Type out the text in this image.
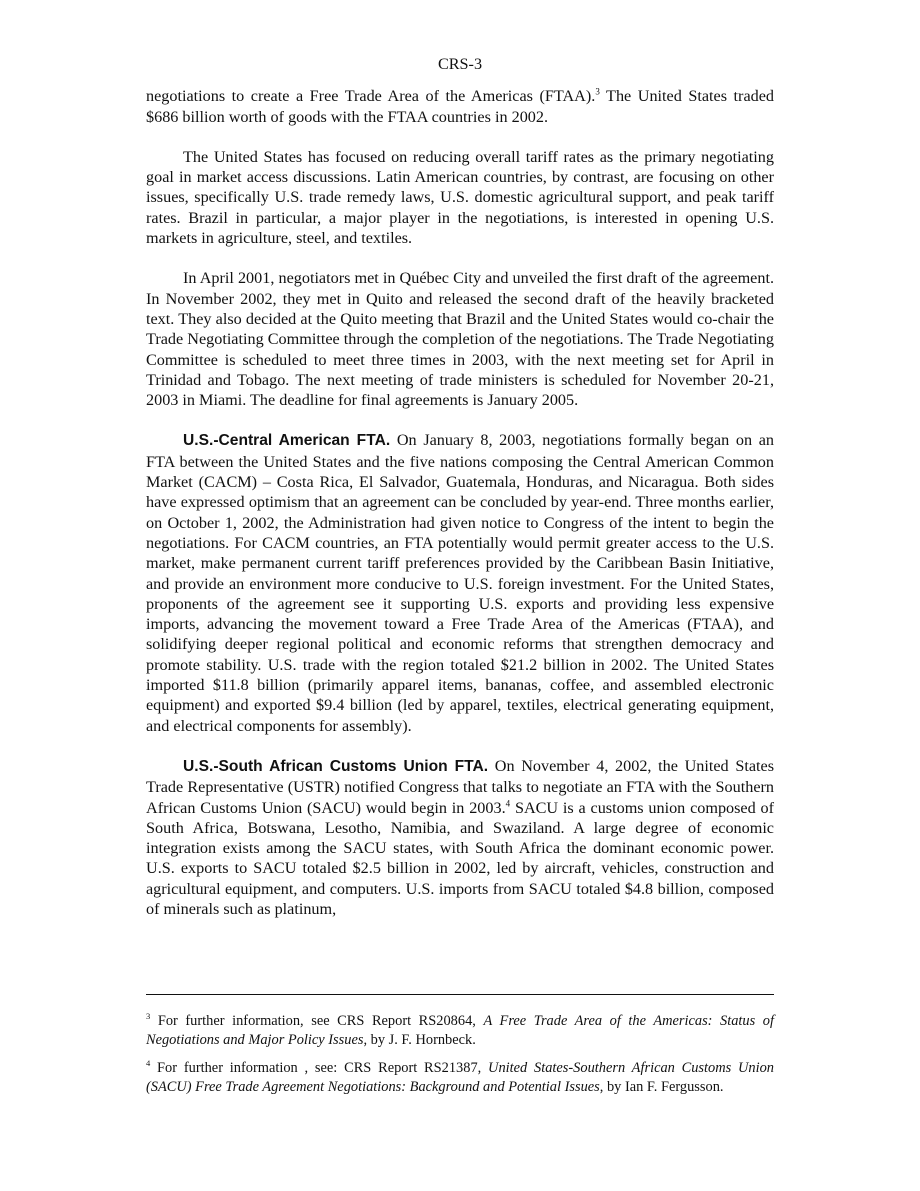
CRS-3

negotiations to create a Free Trade Area of the Americas (FTAA).$^3$ The United States traded $686 billion worth of goods with the FTAA countries in 2002.

The United States has focused on reducing overall tariff rates as the primary negotiating goal in market access discussions. Latin American countries, by contrast, are focusing on other issues, specifically U.S. trade remedy laws, U.S. domestic agricultural support, and peak tariff rates. Brazil in particular, a major player in the negotiations, is interested in opening U.S. markets in agriculture, steel, and textiles.

In April 2001, negotiators met in Québec City and unveiled the first draft of the agreement. In November 2002, they met in Quito and released the second draft of the heavily bracketed text. They also decided at the Quito meeting that Brazil and the United States would co-chair the Trade Negotiating Committee through the completion of the negotiations. The Trade Negotiating Committee is scheduled to meet three times in 2003, with the next meeting set for April in Trinidad and Tobago. The next meeting of trade ministers is scheduled for November 20-21, 2003 in Miami. The deadline for final agreements is January 2005.

U.S.-Central American FTA. On January 8, 2003, negotiations formally began on an FTA between the United States and the five nations composing the Central American Common Market (CACM) – Costa Rica, El Salvador, Guatemala, Honduras, and Nicaragua. Both sides have expressed optimism that an agreement can be concluded by year-end. Three months earlier, on October 1, 2002, the Administration had given notice to Congress of the intent to begin the negotiations. For CACM countries, an FTA potentially would permit greater access to the U.S. market, make permanent current tariff preferences provided by the Caribbean Basin Initiative, and provide an environment more conducive to U.S. foreign investment. For the United States, proponents of the agreement see it supporting U.S. exports and providing less expensive imports, advancing the movement toward a Free Trade Area of the Americas (FTAA), and solidifying deeper regional political and economic reforms that strengthen democracy and promote stability. U.S. trade with the region totaled $21.2 billion in 2002. The United States imported $11.8 billion (primarily apparel items, bananas, coffee, and assembled electronic equipment) and exported $9.4 billion (led by apparel, textiles, electrical generating equipment, and electrical components for assembly).

U.S.-South African Customs Union FTA. On November 4, 2002, the United States Trade Representative (USTR) notified Congress that talks to negotiate an FTA with the Southern African Customs Union (SACU) would begin in 2003.$^4$ SACU is a customs union composed of South Africa, Botswana, Lesotho, Namibia, and Swaziland. A large degree of economic integration exists among the SACU states, with South Africa the dominant economic power. U.S. exports to SACU totaled $2.5 billion in 2002, led by aircraft, vehicles, construction and agricultural equipment, and computers. U.S. imports from SACU totaled $4.8 billion, composed of minerals such as platinum,

$^3$ For further information, see CRS Report RS20864, A Free Trade Area of the Americas: Status of Negotiations and Major Policy Issues, by J. F. Hornbeck.

$^4$ For further information , see: CRS Report RS21387, United States-Southern African Customs Union (SACU) Free Trade Agreement Negotiations: Background and Potential Issues, by Ian F. Fergusson.
